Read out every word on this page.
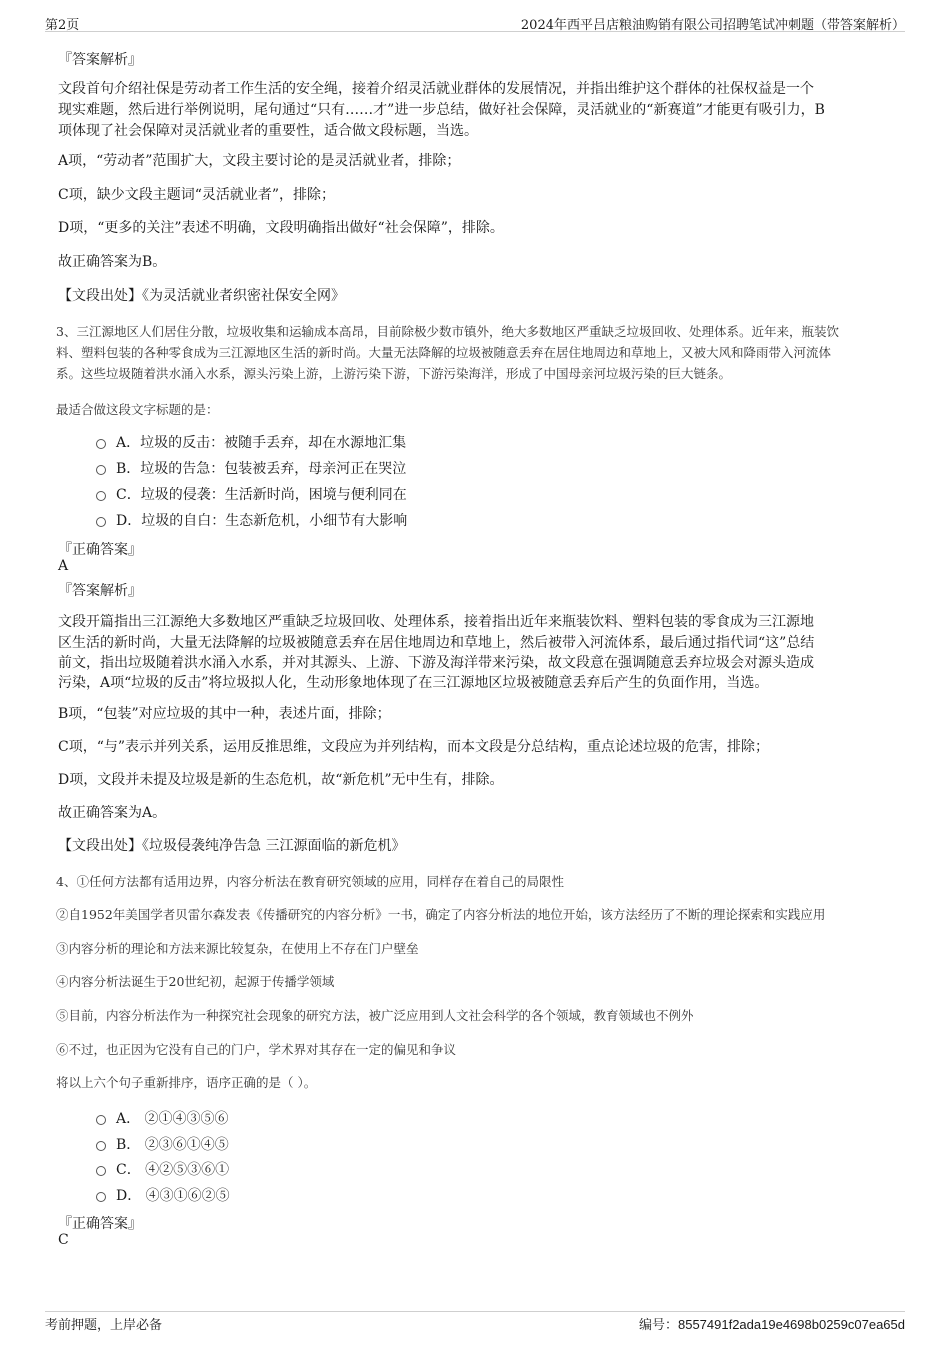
第2页	2024年西平吕店粮油购销有限公司招聘笔试冲刺题（带答案解析）
『答案解析』
文段首句介绍社保是劳动者工作生活的安全绳，接着介绍灵活就业群体的发展情况，并指出维护这个群体的社保权益是一个
现实难题，然后进行举例说明，尾句通过“只有……才”进一步总结，做好社会保障，灵活就业的“新赛道”才能更有吸引力，B
项体现了社会保障对灵活就业者的重要性，适合做文段标题，当选。
A项，“劳动者”范围扩大，文段主要讨论的是灵活就业者，排除；
C项，缺少文段主题词“灵活就业者”，排除；
D项，“更多的关注”表述不明确，文段明确指出做好“社会保障”，排除。
故正确答案为B。
【文段出处】《为灵活就业者织密社保安全网》
3、三江源地区人们居住分散，垃圾收集和运输成本高昂，目前除极少数市镇外，绝大多数地区严重缺乏垃圾回收、处理体系。近年来，瓶装饮
料、塑料包装的各种零食成为三江源地区生活的新时尚。大量无法降解的垃圾被随意丢弃在居住地周边和草地上，又被大风和降雨带入河流体
系。这些垃圾随着洪水涌入水系，源头污染上游，上游污染下游，下游污染海洋，形成了中国母亲河垃圾污染的巨大链条。
最适合做这段文字标题的是：
A．垃圾的反击：被随手丢弃，却在水源地汇集
B．垃圾的告急：包装被丢弃，母亲河正在哭泣
C．垃圾的侵袭：生活新时尚，困境与便利同在
D．垃圾的自白：生态新危机，小细节有大影响
『正确答案』
A
『答案解析』
文段开篇指出三江源绝大多数地区严重缺乏垃圾回收、处理体系，接着指出近年来瓶装饮料、塑料包装的零食成为三江源地
区生活的新时尚，大量无法降解的垃圾被随意丢弃在居住地周边和草地上，然后被带入河流体系，最后通过指代词“这”总结
前文，指出垃圾随着洪水涌入水系，并对其源头、上游、下游及海洋带来污染，故文段意在强调随意丢弃垃圾会对源头造成
污染，A项“垃圾的反击”将垃圾拟人化，生动形象地体现了在三江源地区垃圾被随意丢弃后产生的负面作用，当选。
B项，“包装”对应垃圾的其中一种，表述片面，排除；
C项，“与”表示并列关系，运用反推思维，文段应为并列结构，而本文段是分总结构，重点论述垃圾的危害，排除；
D项，文段并未提及垃圾是新的生态危机，故“新危机”无中生有，排除。
故正确答案为A。
【文段出处】《垃圾侵袭纯净告急 三江源面临的新危机》
4、①任何方法都有适用边界，内容分析法在教育研究领域的应用，同样存在着自己的局限性
②自1952年美国学者贝雷尔森发表《传播研究的内容分析》一书，确定了内容分析法的地位开始，该方法经历了不断的理论探索和实践应用
③内容分析的理论和方法来源比较复杂，在使用上不存在门户壁垒
④内容分析法诞生于20世纪初，起源于传播学领域
⑤目前，内容分析法作为一种探究社会现象的研究方法，被广泛应用到人文社会科学的各个领域，教育领域也不例外
⑥不过，也正因为它没有自己的门户，学术界对其存在一定的偏见和争议
将以上六个句子重新排序，语序正确的是（ ）。
A． ②①④③⑤⑥
B． ②③⑥①④⑤
C． ④②⑤③⑥①
D． ④③①⑥②⑤
『正确答案』
C
考前押题，上岸必备	编号：8557491f2ada19e4698b0259c07ea65d
